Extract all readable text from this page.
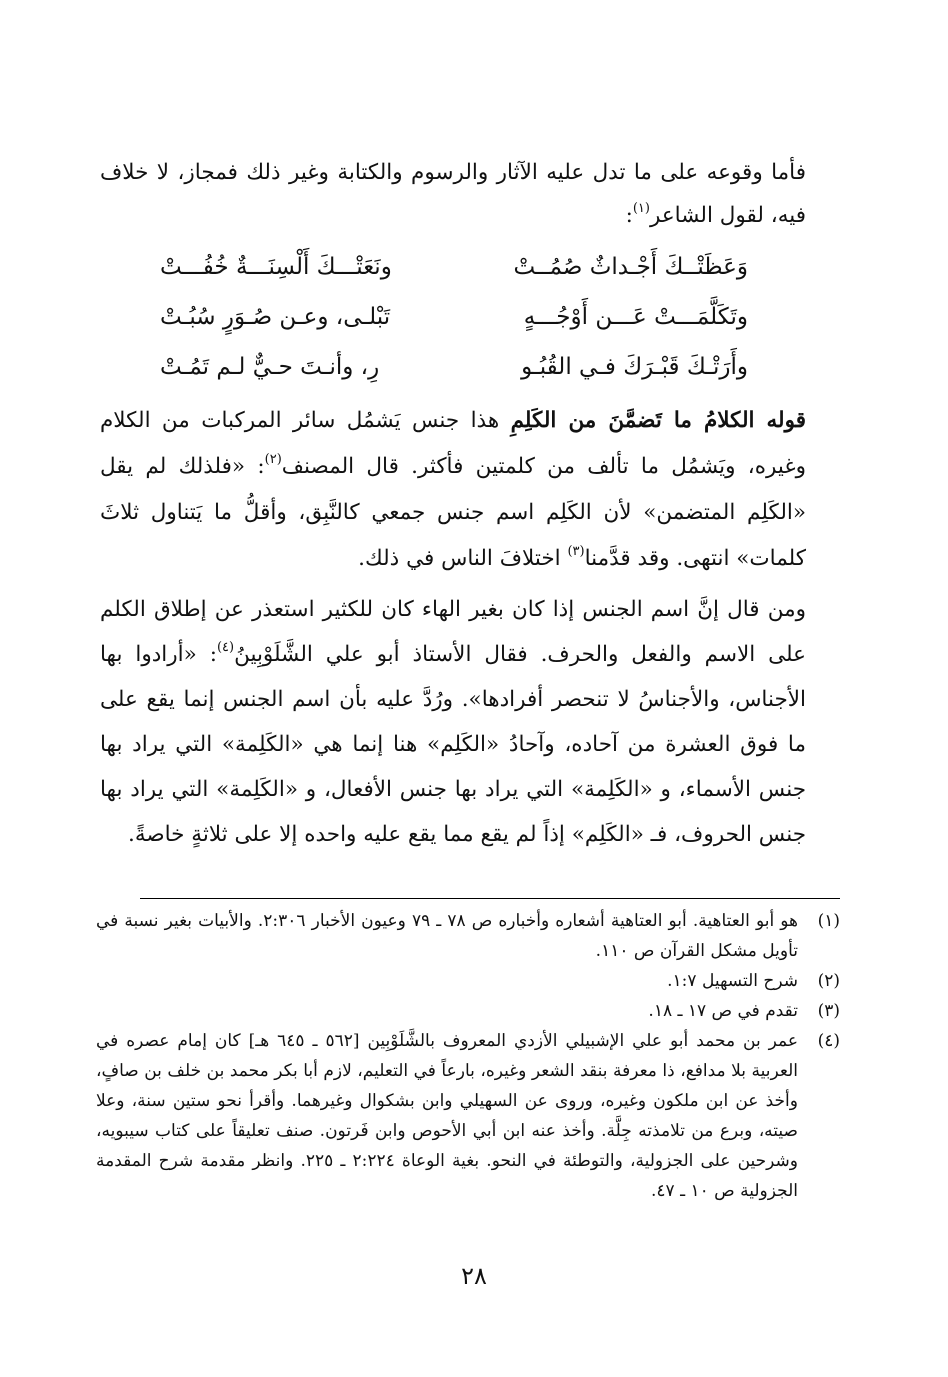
فأما وقوعه على ما تدل عليه الآثار والرسوم والكتابة وغير ذلك فمجاز، لا خلاف فيه، لقول الشاعر$^{(١)}$:

وَعَظَتْــكَ أَجْـداثٌ صُمُــتْ
ونَعَتْـــكَ أَلْسِنَـــةٌ خُفُـــتْ
وتَكَلَّمَـــتْ عَـــن أَوْجُـــهٍ
تَبْلـى، وعـن صُـوَرٍ سُبُـتْ
وأَرَتْـكَ قَبْـرَكَ فـي القُبُـو
رِ، وأنـتَ حـيٌّ لـم تَمُـتْ

قوله الكلامُ ما تَضمَّنَ من الكَلِمِ هذا جنس يَشمُل سائر المركبات من الكلام وغيره، ويَشمُل ما تألف من كلمتين فأكثر. قال المصنف$^{(٢)}$: «فلذلك لم يقل «الكَلِم المتضمن» لأن الكَلِم اسم جنس جمعي كالنَّبِق، وأقلُّ ما يَتناول ثلاثَ كلمات» انتهى. وقد قدَّمنا$^{(٣)}$ اختلافَ الناس في ذلك.

ومن قال إنَّ اسم الجنس إذا كان بغير الهاء كان للكثير استعذر عن إطلاق الكلم على الاسم والفعل والحرف. فقال الأستاذ أبو علي الشَّلَوْبِينُ$^{(٤)}$: «أرادوا بها الأجناس، والأجناسُ لا تنحصر أفرادها». ورُدَّ عليه بأن اسم الجنس إنما يقع على ما فوق العشرة من آحاده، وآحادُ «الكَلِم» هنا إنما هي «الكَلِمة» التي يراد بها جنس الأسماء، و «الكَلِمة» التي يراد بها جنس الأفعال، و «الكَلِمة» التي يراد بها جنس الحروف، فـ «الكَلِم» إذاً لم يقع مما يقع عليه واحده إلا على ثلاثةٍ خاصةً.

(١)
هو أبو العتاهية. أبو العتاهية أشعاره وأخباره ص ٧٨ ـ ٧٩ وعيون الأخبار ٢:٣٠٦. والأبيات بغير نسبة في تأويل مشكل القرآن ص ١١٠.
(٢)
شرح التسهيل ١:٧.
(٣)
تقدم في ص ١٧ ـ ١٨.
(٤)
عمر بن محمد أبو علي الإشبيلي الأزدي المعروف بالشَّلَوْبِين [٥٦٢ ـ ٦٤٥ هـ] كان إمام عصره في العربية بلا مدافع، ذا معرفة بنقد الشعر وغيره، بارعاً في التعليم، لازم أبا بكر محمد بن خلف بن صافٍ، وأخذ عن ابن ملكون وغيره، وروى عن السهيلي وابن بشكوال وغيرهما. وأقرأ نحو ستين سنة، وعلا صيته، وبرع من تلامذته جِلَّة. وأخذ عنه ابن أبي الأحوص وابن فَرتون. صنف تعليقاً على كتاب سيبويه، وشرحين على الجزولية، والتوطئة في النحو. بغية الوعاة ٢:٢٢٤ ـ ٢٢٥. وانظر مقدمة شرح المقدمة الجزولية ص ١٠ ـ ٤٧.
٢٨
